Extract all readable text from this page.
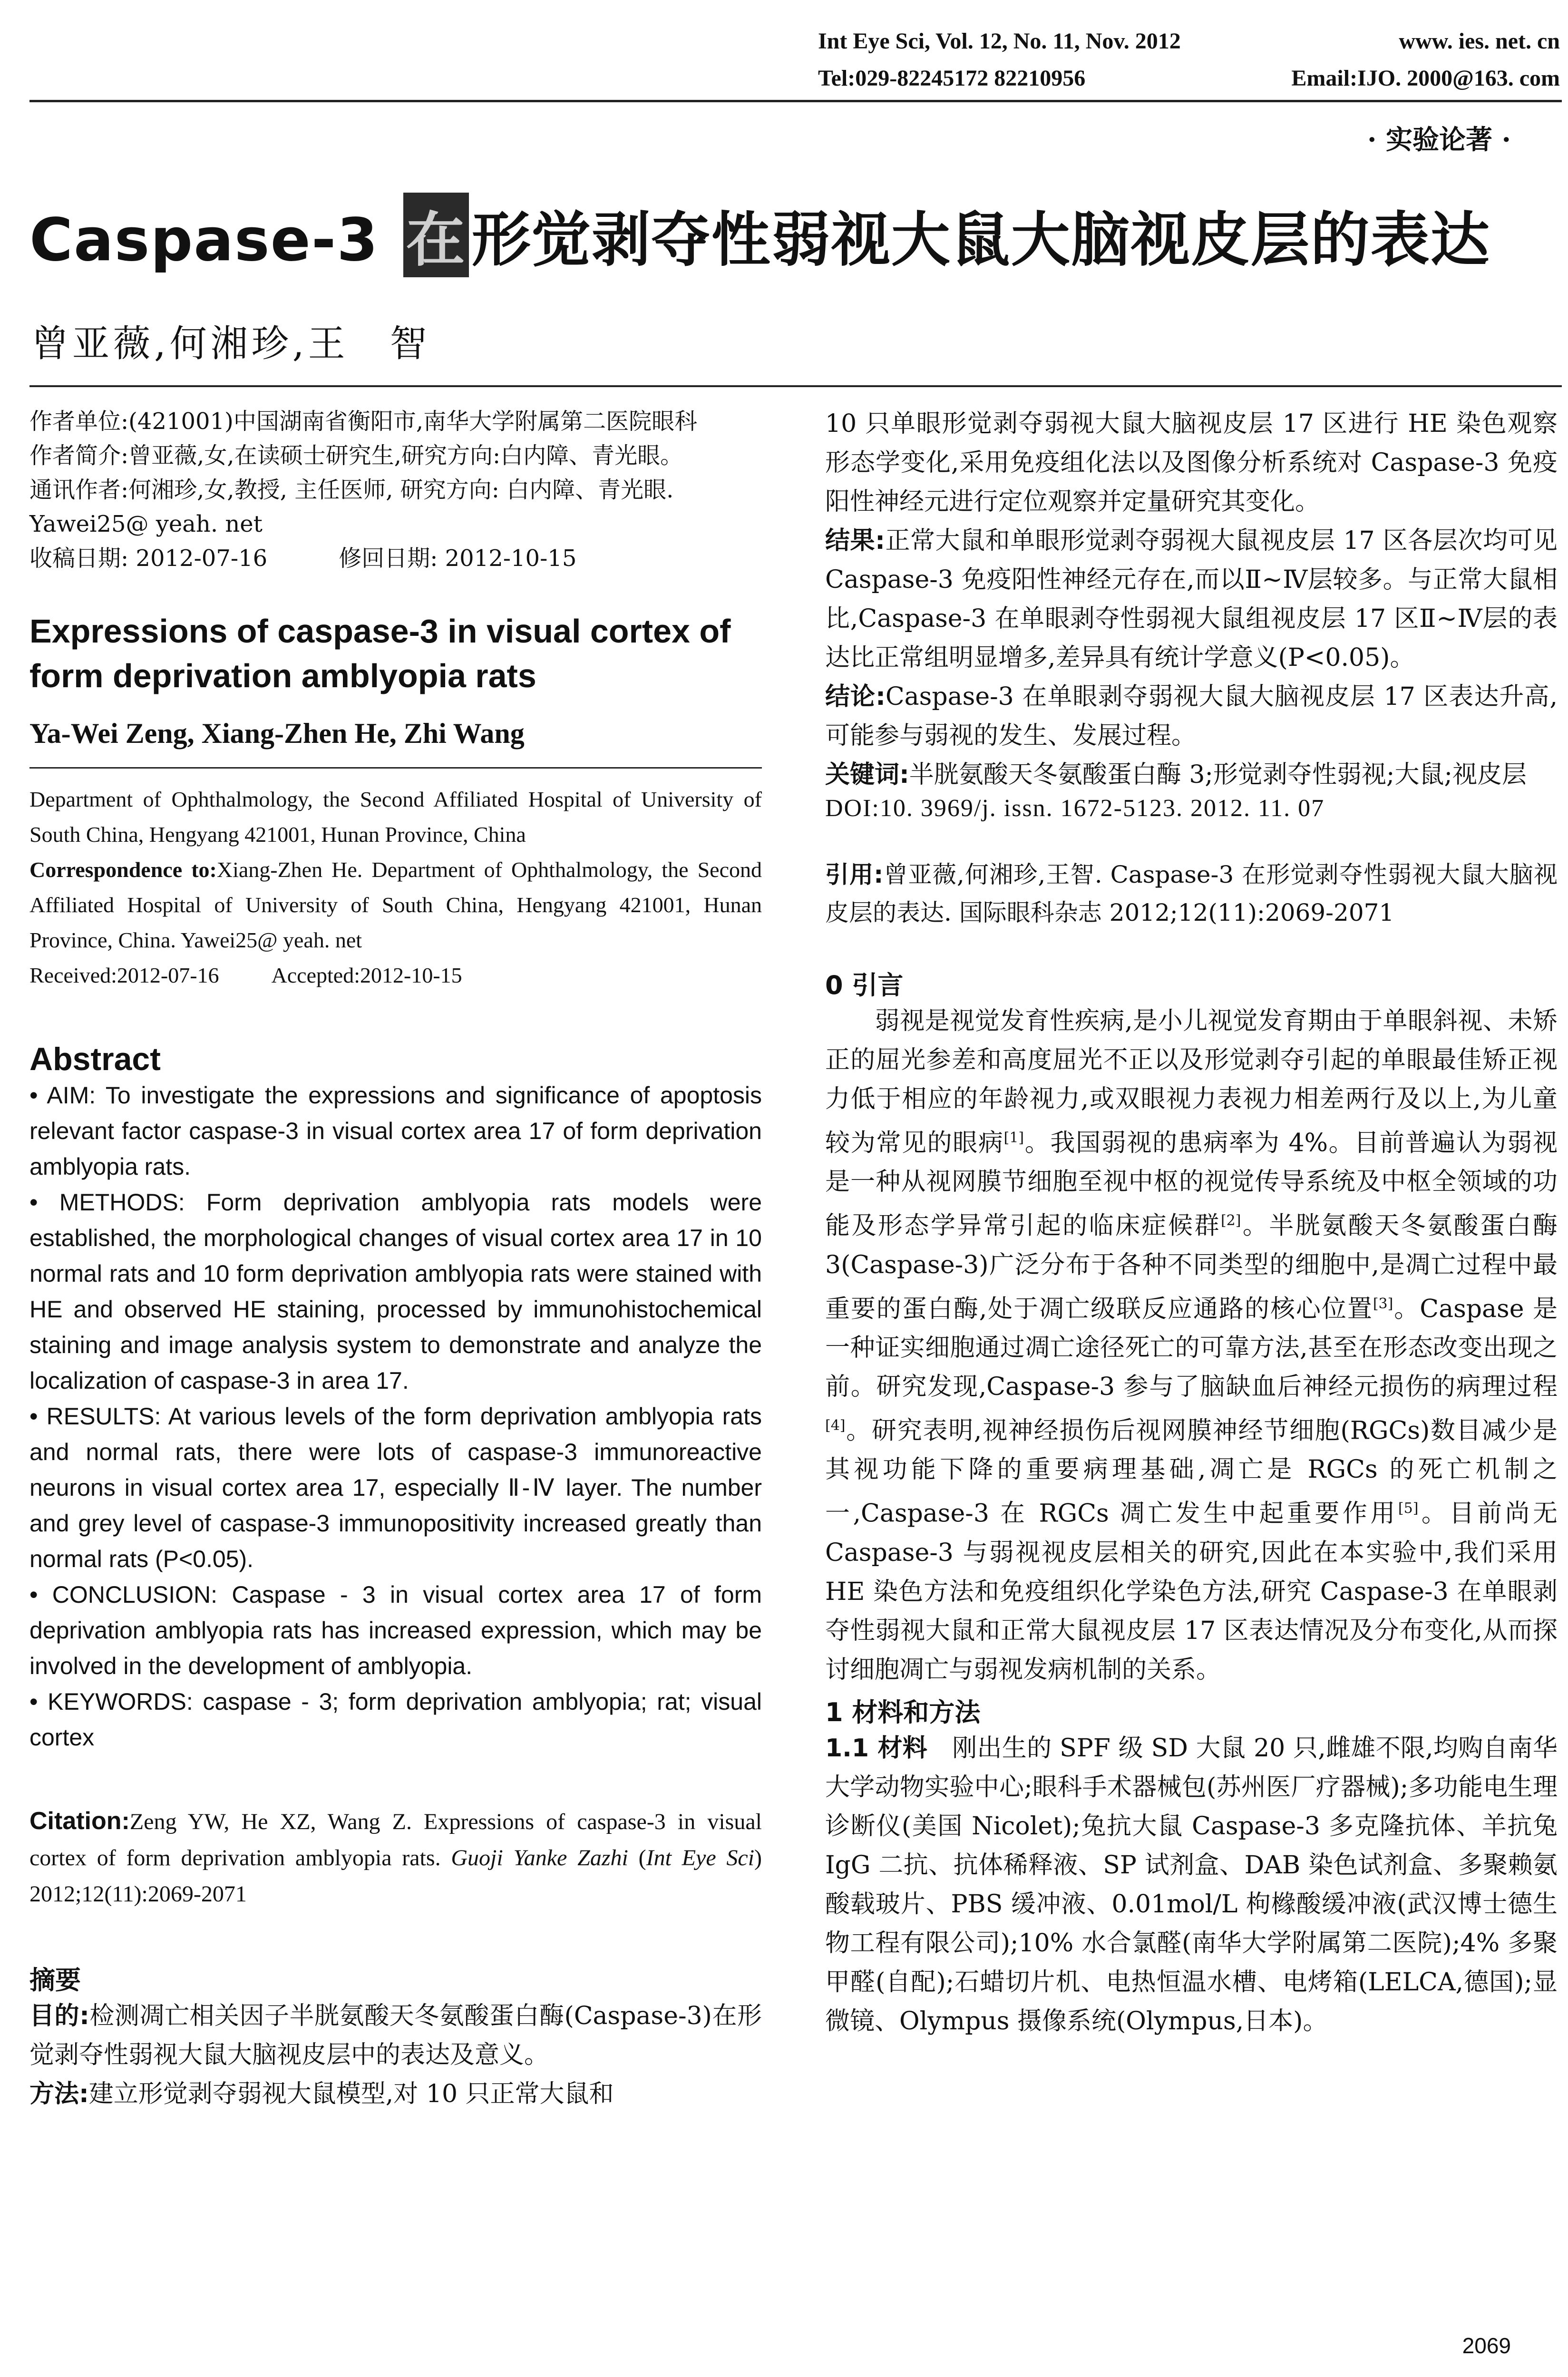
Int Eye Sci, Vol. 12, No. 11, Nov. 2012	www. ies. net. cn
Tel:029-82245172 82210956	Email:IJO. 2000@163. com
· 实验论著 ·
Caspase-3 在形觉剥夺性弱视大鼠大脑视皮层的表达
曾亚薇,何湘珍,王　智

作者单位:(421001)中国湖南省衡阳市,南华大学附属第二医院眼科

作者简介:曾亚薇,女,在读硕士研究生,研究方向:白内障、青光眼。

通讯作者:何湘珍,女,教授, 主任医师, 研究方向: 白内障、青光眼. Yawei25@ yeah. net

收稿日期: 2012-07-16	修回日期: 2012-10-15

Expressions of caspase-3 in visual cortex of form deprivation amblyopia rats

Ya-Wei Zeng, Xiang-Zhen He, Zhi Wang

Department of Ophthalmology, the Second Affiliated Hospital of University of South China, Hengyang 421001, Hunan Province, China

Correspondence to:Xiang-Zhen He. Department of Ophthalmology, the Second Affiliated Hospital of University of South China, Hengyang 421001, Hunan Province, China. Yawei25@ yeah. net

Received:2012-07-16 Accepted:2012-10-15

Abstract

• AIM: To investigate the expressions and significance of apoptosis relevant factor caspase-3 in visual cortex area 17 of form deprivation amblyopia rats.

• METHODS: Form deprivation amblyopia rats models were established, the morphological changes of visual cortex area 17 in 10 normal rats and 10 form deprivation amblyopia rats were stained with HE and observed HE staining, processed by immunohistochemical staining and image analysis system to demonstrate and analyze the localization of caspase-3 in area 17.

• RESULTS: At various levels of the form deprivation amblyopia rats and normal rats, there were lots of caspase-3 immunoreactive neurons in visual cortex area 17, especially Ⅱ-Ⅳ layer. The number and grey level of caspase-3 immunopositivity increased greatly than normal rats (P<0.05).

• CONCLUSION: Caspase - 3 in visual cortex area 17 of form deprivation amblyopia rats has increased expression, which may be involved in the development of amblyopia.

• KEYWORDS: caspase - 3; form deprivation amblyopia; rat; visual cortex

Citation:Zeng YW, He XZ, Wang Z. Expressions of caspase-3 in visual cortex of form deprivation amblyopia rats. Guoji Yanke Zazhi (Int Eye Sci) 2012;12(11):2069-2071

摘要

目的:检测凋亡相关因子半胱氨酸天冬氨酸蛋白酶(Caspase-3)在形觉剥夺性弱视大鼠大脑视皮层中的表达及意义。

方法:建立形觉剥夺弱视大鼠模型,对 10 只正常大鼠和

10 只单眼形觉剥夺弱视大鼠大脑视皮层 17 区进行 HE 染色观察形态学变化,采用免疫组化法以及图像分析系统对 Caspase-3 免疫阳性神经元进行定位观察并定量研究其变化。

结果:正常大鼠和单眼形觉剥夺弱视大鼠视皮层 17 区各层次均可见 Caspase-3 免疫阳性神经元存在,而以Ⅱ~Ⅳ层较多。与正常大鼠相比,Caspase-3 在单眼剥夺性弱视大鼠组视皮层 17 区Ⅱ~Ⅳ层的表达比正常组明显增多,差异具有统计学意义(P<0.05)。

结论:Caspase-3 在单眼剥夺弱视大鼠大脑视皮层 17 区表达升高,可能参与弱视的发生、发展过程。

关键词:半胱氨酸天冬氨酸蛋白酶 3;形觉剥夺性弱视;大鼠;视皮层

DOI:10. 3969/j. issn. 1672-5123. 2012. 11. 07

引用:曾亚薇,何湘珍,王智. Caspase-3 在形觉剥夺性弱视大鼠大脑视皮层的表达. 国际眼科杂志 2012;12(11):2069-2071

0 引言

弱视是视觉发育性疾病,是小儿视觉发育期由于单眼斜视、未矫正的屈光参差和高度屈光不正以及形觉剥夺引起的单眼最佳矫正视力低于相应的年龄视力,或双眼视力表视力相差两行及以上,为儿童较为常见的眼病[1]。我国弱视的患病率为 4%。目前普遍认为弱视是一种从视网膜节细胞至视中枢的视觉传导系统及中枢全领域的功能及形态学异常引起的临床症候群[2]。半胱氨酸天冬氨酸蛋白酶 3(Caspase-3)广泛分布于各种不同类型的细胞中,是凋亡过程中最重要的蛋白酶,处于凋亡级联反应通路的核心位置[3]。Caspase 是一种证实细胞通过凋亡途径死亡的可靠方法,甚至在形态改变出现之前。研究发现,Caspase-3 参与了脑缺血后神经元损伤的病理过程[4]。研究表明,视神经损伤后视网膜神经节细胞(RGCs)数目减少是其视功能下降的重要病理基础,凋亡是 RGCs 的死亡机制之一,Caspase-3 在 RGCs 凋亡发生中起重要作用[5]。目前尚无 Caspase-3 与弱视视皮层相关的研究,因此在本实验中,我们采用 HE 染色方法和免疫组织化学染色方法,研究 Caspase-3 在单眼剥夺性弱视大鼠和正常大鼠视皮层 17 区表达情况及分布变化,从而探讨细胞凋亡与弱视发病机制的关系。

1 材料和方法

1.1 材料　刚出生的 SPF 级 SD 大鼠 20 只,雌雄不限,均购自南华大学动物实验中心;眼科手术器械包(苏州医厂疗器械);多功能电生理诊断仪(美国 Nicolet);兔抗大鼠 Caspase-3 多克隆抗体、羊抗兔 IgG 二抗、抗体稀释液、SP 试剂盒、DAB 染色试剂盒、多聚赖氨酸载玻片、PBS 缓冲液、0.01mol/L 枸橼酸缓冲液(武汉博士德生物工程有限公司);10% 水合氯醛(南华大学附属第二医院);4% 多聚甲醛(自配);石蜡切片机、电热恒温水槽、电烤箱(LELCA,德国);显微镜、Olympus 摄像系统(Olympus,日本)。

2069
